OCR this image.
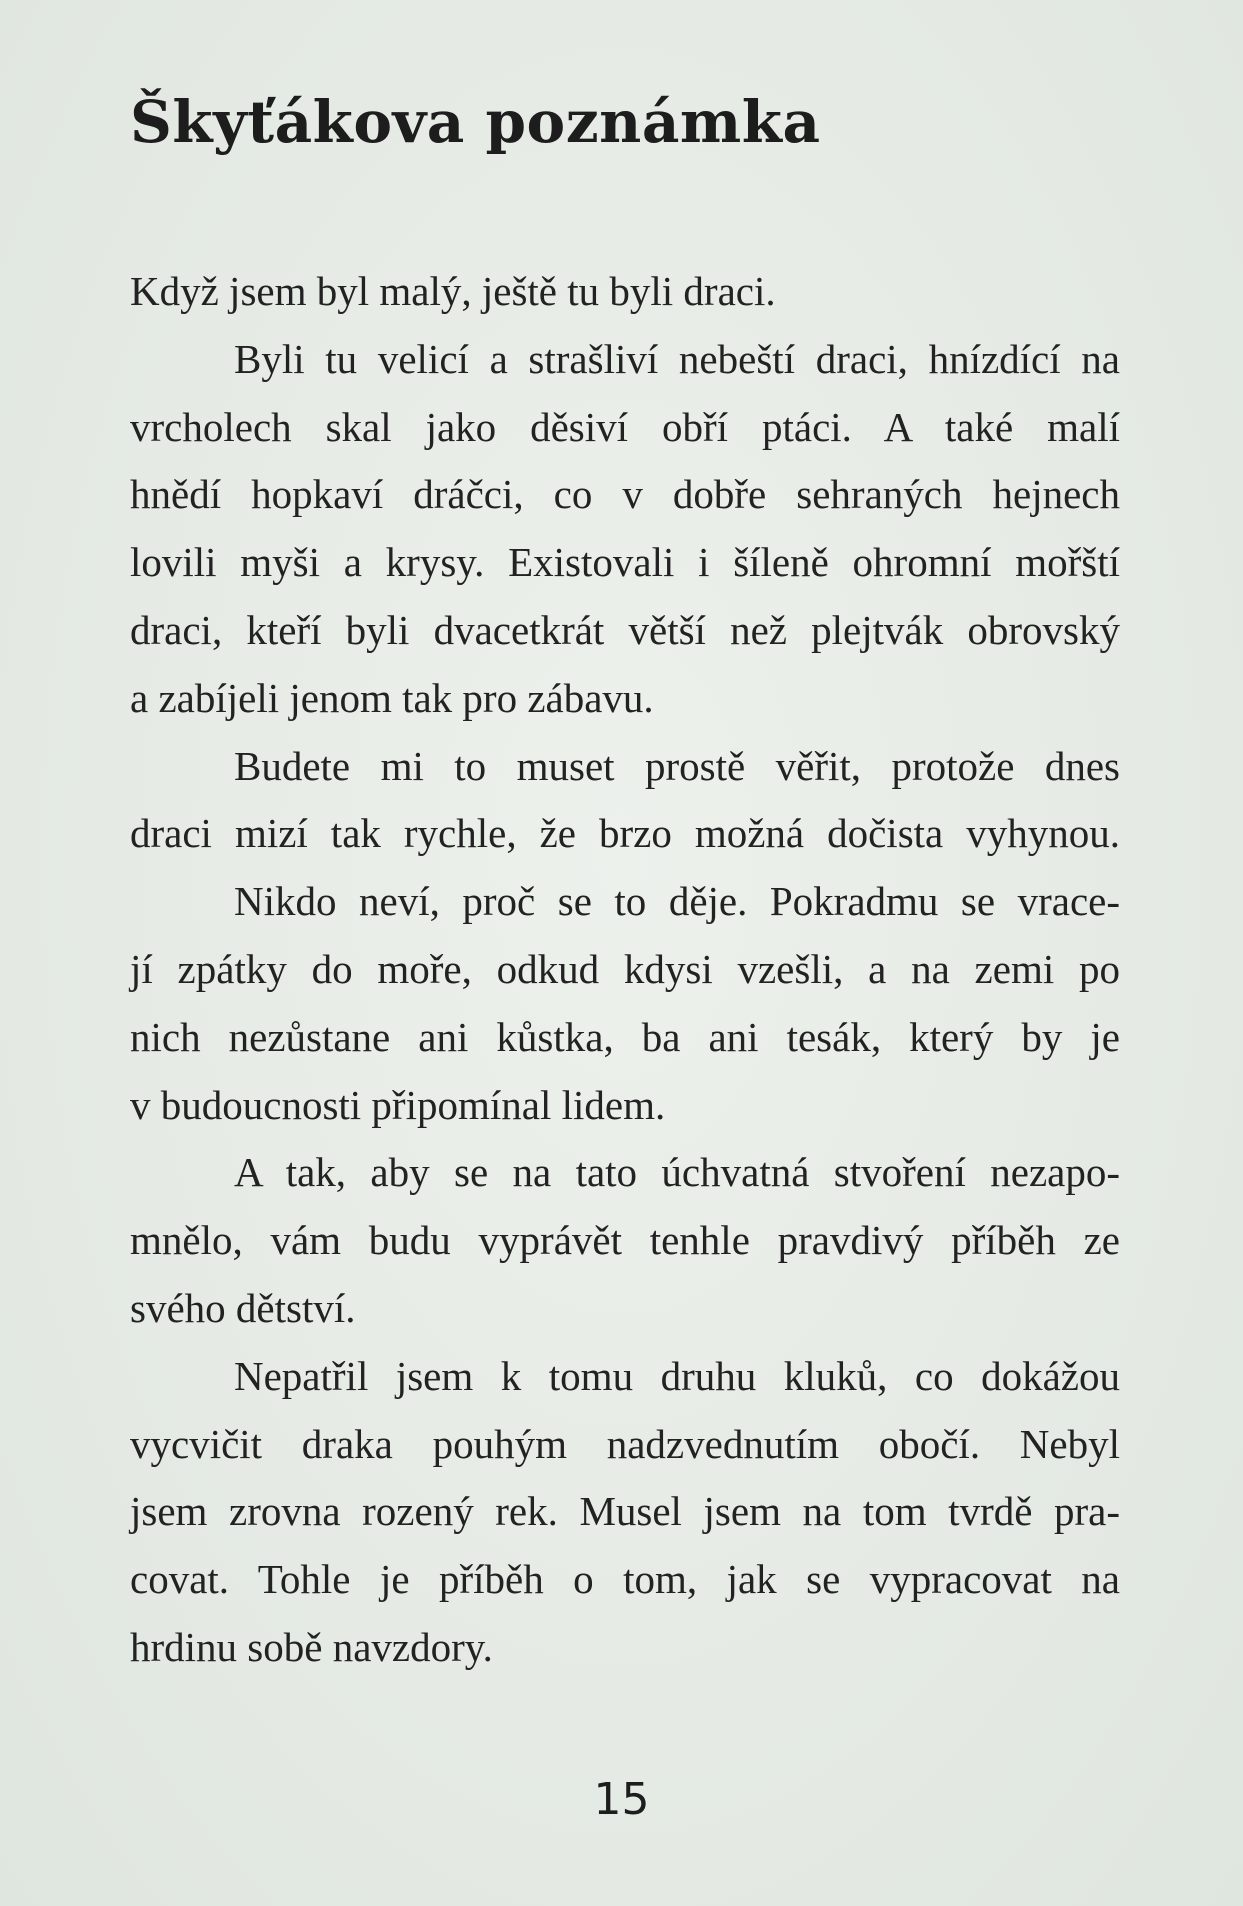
Škyťákova poznámka
Když jsem byl malý, ještě tu byli draci.
Byli tu velicí a strašliví nebeští draci, hnízdící na
vrcholech skal jako děsiví obří ptáci. A také malí
hnědí hopkaví dráčci, co v dobře sehraných hejnech
lovili myši a krysy. Existovali i šíleně ohromní mořští
draci, kteří byli dvacetkrát větší než plejtvák obrovský
a zabíjeli jenom tak pro zábavu.
Budete mi to muset prostě věřit, protože dnes
draci mizí tak rychle, že brzo možná dočista vyhynou.
Nikdo neví, proč se to děje. Pokradmu se vrace-
jí zpátky do moře, odkud kdysi vzešli, a na zemi po
nich nezůstane ani kůstka, ba ani tesák, který by je
v budoucnosti připomínal lidem.
A tak, aby se na tato úchvatná stvoření nezapo-
mnělo, vám budu vyprávět tenhle pravdivý příběh ze
svého dětství.
Nepatřil jsem k tomu druhu kluků, co dokážou
vycvičit draka pouhým nadzvednutím obočí. Nebyl
jsem zrovna rozený rek. Musel jsem na tom tvrdě pra-
covat. Tohle je příběh o tom, jak se vypracovat na
hrdinu sobě navzdory.
15
